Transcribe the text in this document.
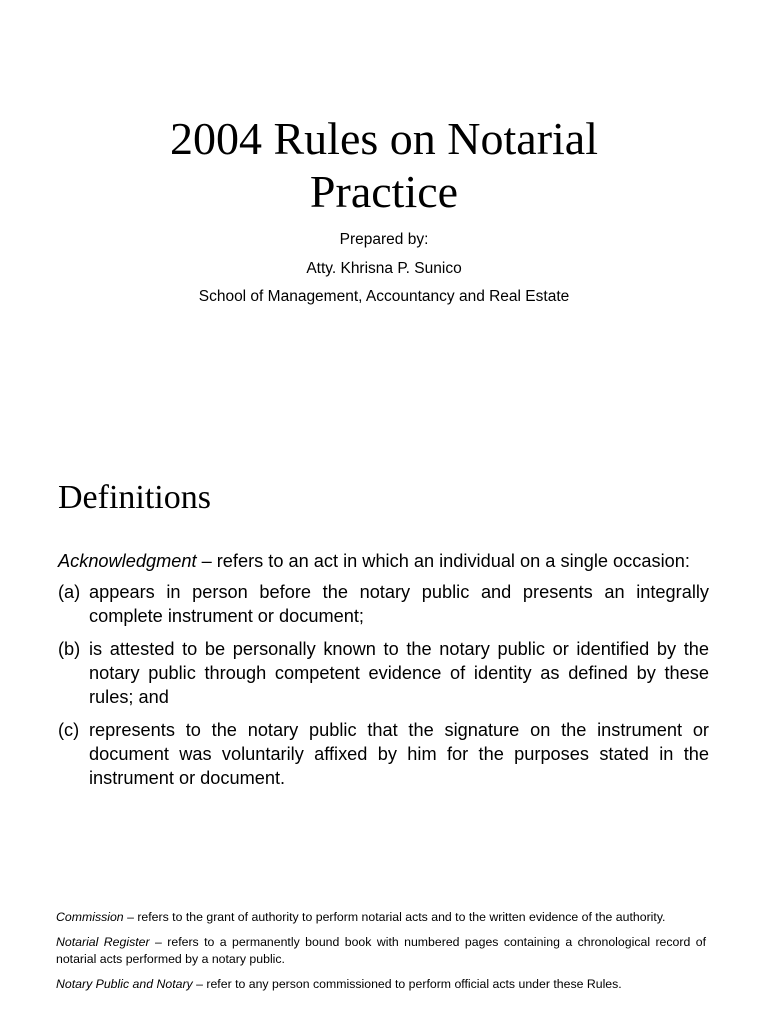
2004 Rules on Notarial
Practice

Prepared by:

Atty. Khrisna P. Sunico

School of Management, Accountancy and Real Estate

Definitions

Acknowledgment – refers to an act in which an individual on a single occasion:

(a) appears in person before the notary public and presents an integrally complete instrument or document;
(b) is attested to be personally known to the notary public or identified by the notary public through competent evidence of identity as defined by these rules; and
(c) represents to the notary public that the signature on the instrument or document was voluntarily affixed by him for the purposes stated in the instrument or document.

Commission – refers to the grant of authority to perform notarial acts and to the written evidence of the authority.

Notarial Register – refers to a permanently bound book with numbered pages containing a chronological record of notarial acts performed by a notary public.

Notary Public and Notary – refer to any person commissioned to perform official acts under these Rules.
